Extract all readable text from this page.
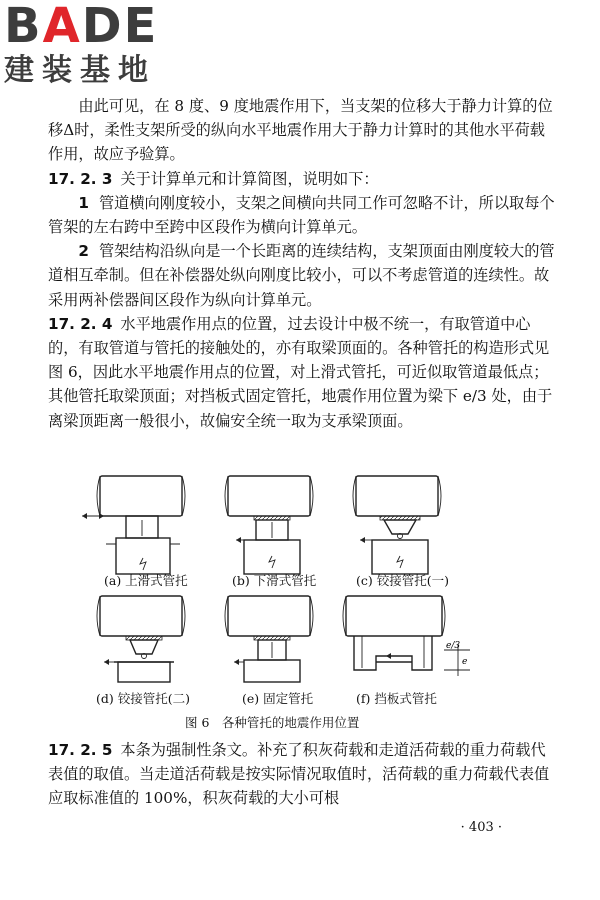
BADE
建装基地

由此可见，在 8 度、9 度地震作用下，当支架的位移大于静力计算的位移Δ时，柔性支架所受的纵向水平地震作用大于静力计算时的其他水平荷载作用，故应予验算。

17. 2. 3 关于计算单元和计算简图，说明如下：

1 管道横向刚度较小，支架之间横向共同工作可忽略不计，所以取每个管架的左右跨中至跨中区段作为横向计算单元。

2 管架结构沿纵向是一个长距离的连续结构，支架顶面由刚度较大的管道相互牵制。但在补偿器处纵向刚度比较小，可以不考虑管道的连续性。故采用两补偿器间区段作为纵向计算单元。

17. 2. 4 水平地震作用点的位置，过去设计中极不统一，有取管道中心的，有取管道与管托的接触处的，亦有取梁顶面的。各种管托的构造形式见图 6，因此水平地震作用点的位置，对上滑式管托，可近似取管道最低点；其他管托取梁顶面；对挡板式固定管托，地震作用位置为梁下 e/3 处，由于离梁顶距离一般很小，故偏安全统一取为支承梁顶面。

e/3
e
(a) 上滑式管托	(b) 下滑式管托	(c) 铰接管托(一)
(d) 铰接管托(二)	(e) 固定管托	(f) 挡板式管托
图 6　各种管托的地震作用位置

17. 2. 5 本条为强制性条文。补充了积灰荷载和走道活荷载的重力荷载代表值的取值。当走道活荷载是按实际情况取值时，活荷载的重力荷载代表值应取标准值的 100%，积灰荷载的大小可根

· 403 ·
